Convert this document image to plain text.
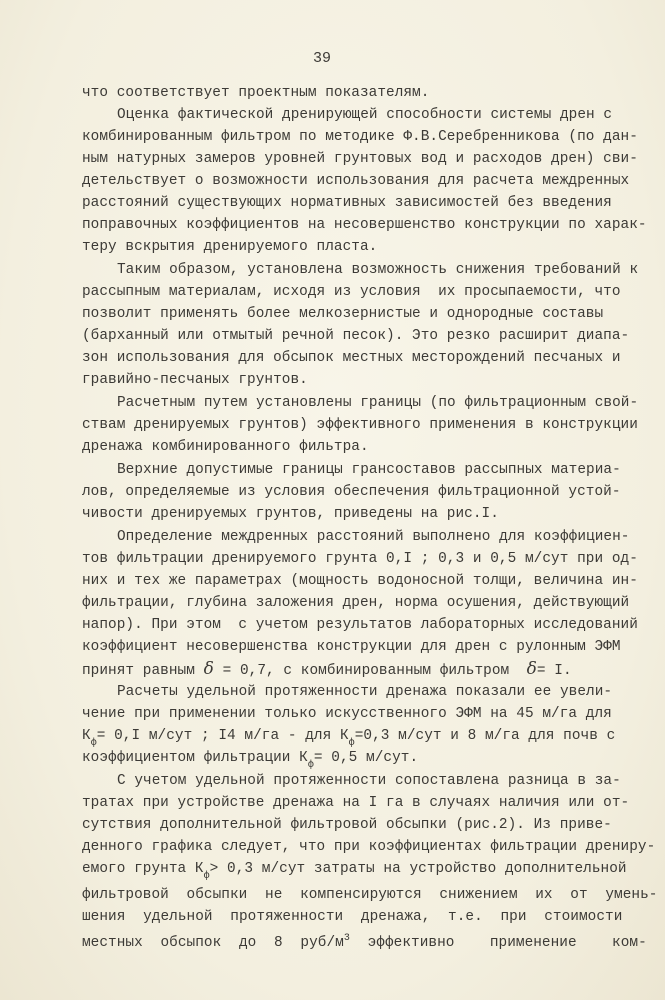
39
что соответствует проектным показателям.
Оценка фактической дренирующей способности системы дрен с
комбинированным фильтром по методике Ф.В.Серебренникова (по дан-
ным натурных замеров уровней грунтовых вод и расходов дрен) сви-
детельствует о возможности использования для расчета междренных
расстояний существующих нормативных зависимостей без введения
поправочных коэффициентов на несовершенство конструкции по харак-
теру вскрытия дренируемого пласта.
Таким образом, установлена возможность снижения требований к
рассыпным материалам, исходя из условия  их просыпаемости, что
позволит применять более мелкозернистые и однородные составы
(барханный или отмытый речной песок). Это резко расширит диапа-
зон использования для обсыпок местных месторождений песчаных и
гравийно-песчаных грунтов.
Расчетным путем установлены границы (по фильтрационным свой-
ствам дренируемых грунтов) эффективного применения в конструкции
дренажа комбинированного фильтра.
Верхние допустимые границы грансоставов рассыпных материа-
лов, определяемые из условия обеспечения фильтрационной устой-
чивости дренируемых грунтов, приведены на рис.I.
Определение междренных расстояний выполнено для коэффициен-
тов фильтрации дренируемого грунта 0,I ; 0,3 и 0,5 м/сут при од-
них и тех же параметрах (мощность водоносной толщи, величина ин-
фильтрации, глубина заложения дрен, норма осушения, действующий
напор). При этом  с учетом результатов лабораторных исследований
коэффициент несовершенства конструкции для дрен с рулонным ЭФМ
принят равным δ = 0,7, с комбинированным фильтром  δ= I.
Расчеты удельной протяженности дренажа показали ее увели-
чение при применении только искусственного ЭФМ на 45 м/га для
$К_ф= 0,I$ м/сут ; I4 м/га - для $К_ф=0,3$ м/сут и 8 м/га для почв с
коэффициентом фильтрации $К_ф= 0,5$ м/сут.
С учетом удельной протяженности сопоставлена разница в за-
тратах при устройстве дренажа на I га в случаях наличия или от-
сутствия дополнительной фильтровой обсыпки (рис.2). Из приве-
денного графика следует, что при коэффициентах фильтрации дрениру-
емого грунта $К_ф> 0,3$ м/сут затраты на устройство дополнительной
фильтровой обсыпки не компенсируются снижением их от умень-
шения удельной протяженности дренажа, т.е. при стоимости
местных обсыпок до 8 руб/$м^3$ эффективно  применение  ком-
